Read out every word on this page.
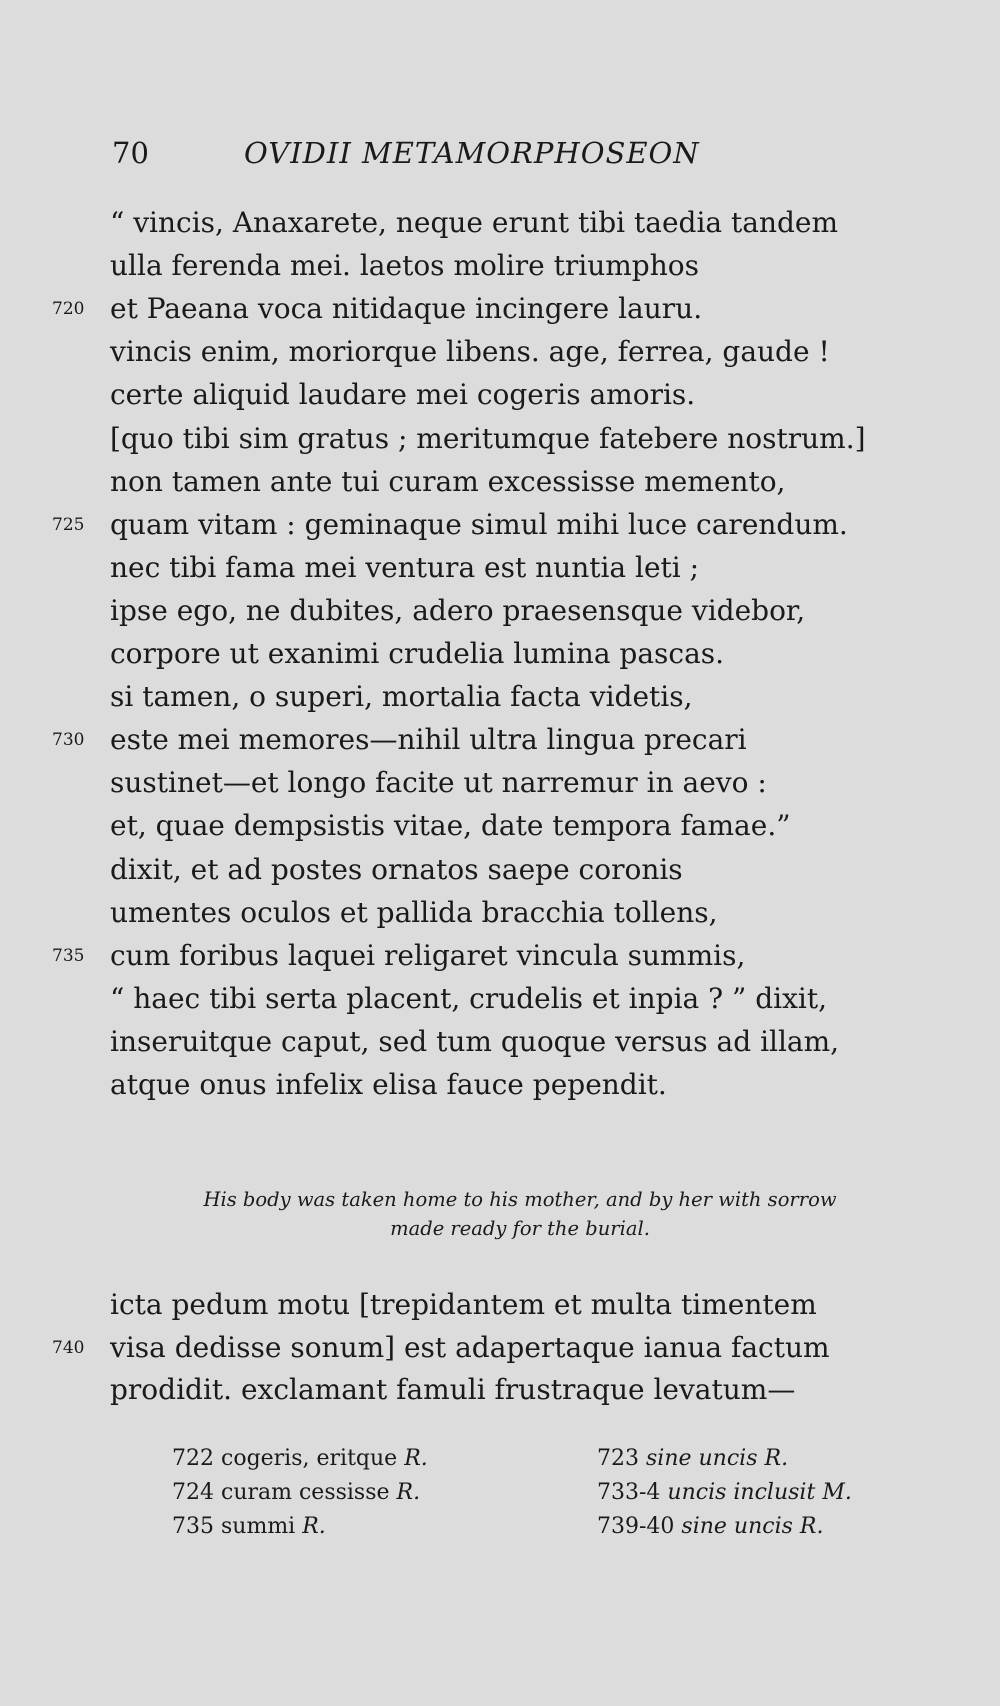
70	OVIDII METAMORPHOSEON
“ vincis, Anaxarete, neque erunt tibi taedia tandem
ulla ferenda mei. laetos molire triumphos
720 et Paeana voca nitidaque incingere lauru.
vincis enim, moriorque libens. age, ferrea, gaude !
certe aliquid laudare mei cogeris amoris.
[quo tibi sim gratus ; meritumque fatebere nostrum.]
non tamen ante tui curam excessisse memento,
725 quam vitam : geminaque simul mihi luce carendum.
nec tibi fama mei ventura est nuntia leti ;
ipse ego, ne dubites, adero praesensque videbor,
corpore ut exanimi crudelia lumina pascas.
si tamen, o superi, mortalia facta videtis,
730 este mei memores—nihil ultra lingua precari
sustinet—et longo facite ut narremur in aevo :
et, quae dempsistis vitae, date tempora famae.”
dixit, et ad postes ornatos saepe coronis
umentes oculos et pallida bracchia tollens,
735 cum foribus laquei religaret vincula summis,
“ haec tibi serta placent, crudelis et inpia ? ” dixit,
inseruitque caput, sed tum quoque versus ad illam,
atque onus infelix elisa fauce pependit.
His body was taken home to his mother, and by her with sorrow
made ready for the burial.
icta pedum motu [trepidantem et multa timentem
740 visa dedisse sonum] est adapertaque ianua factum
prodidit. exclamant famuli frustraque levatum—
722 cogeris, eritque R.	723 sine uncis R.
724 curam cessisse R.	733-4 uncis inclusit M.
735 summi R.	739-40 sine uncis R.
